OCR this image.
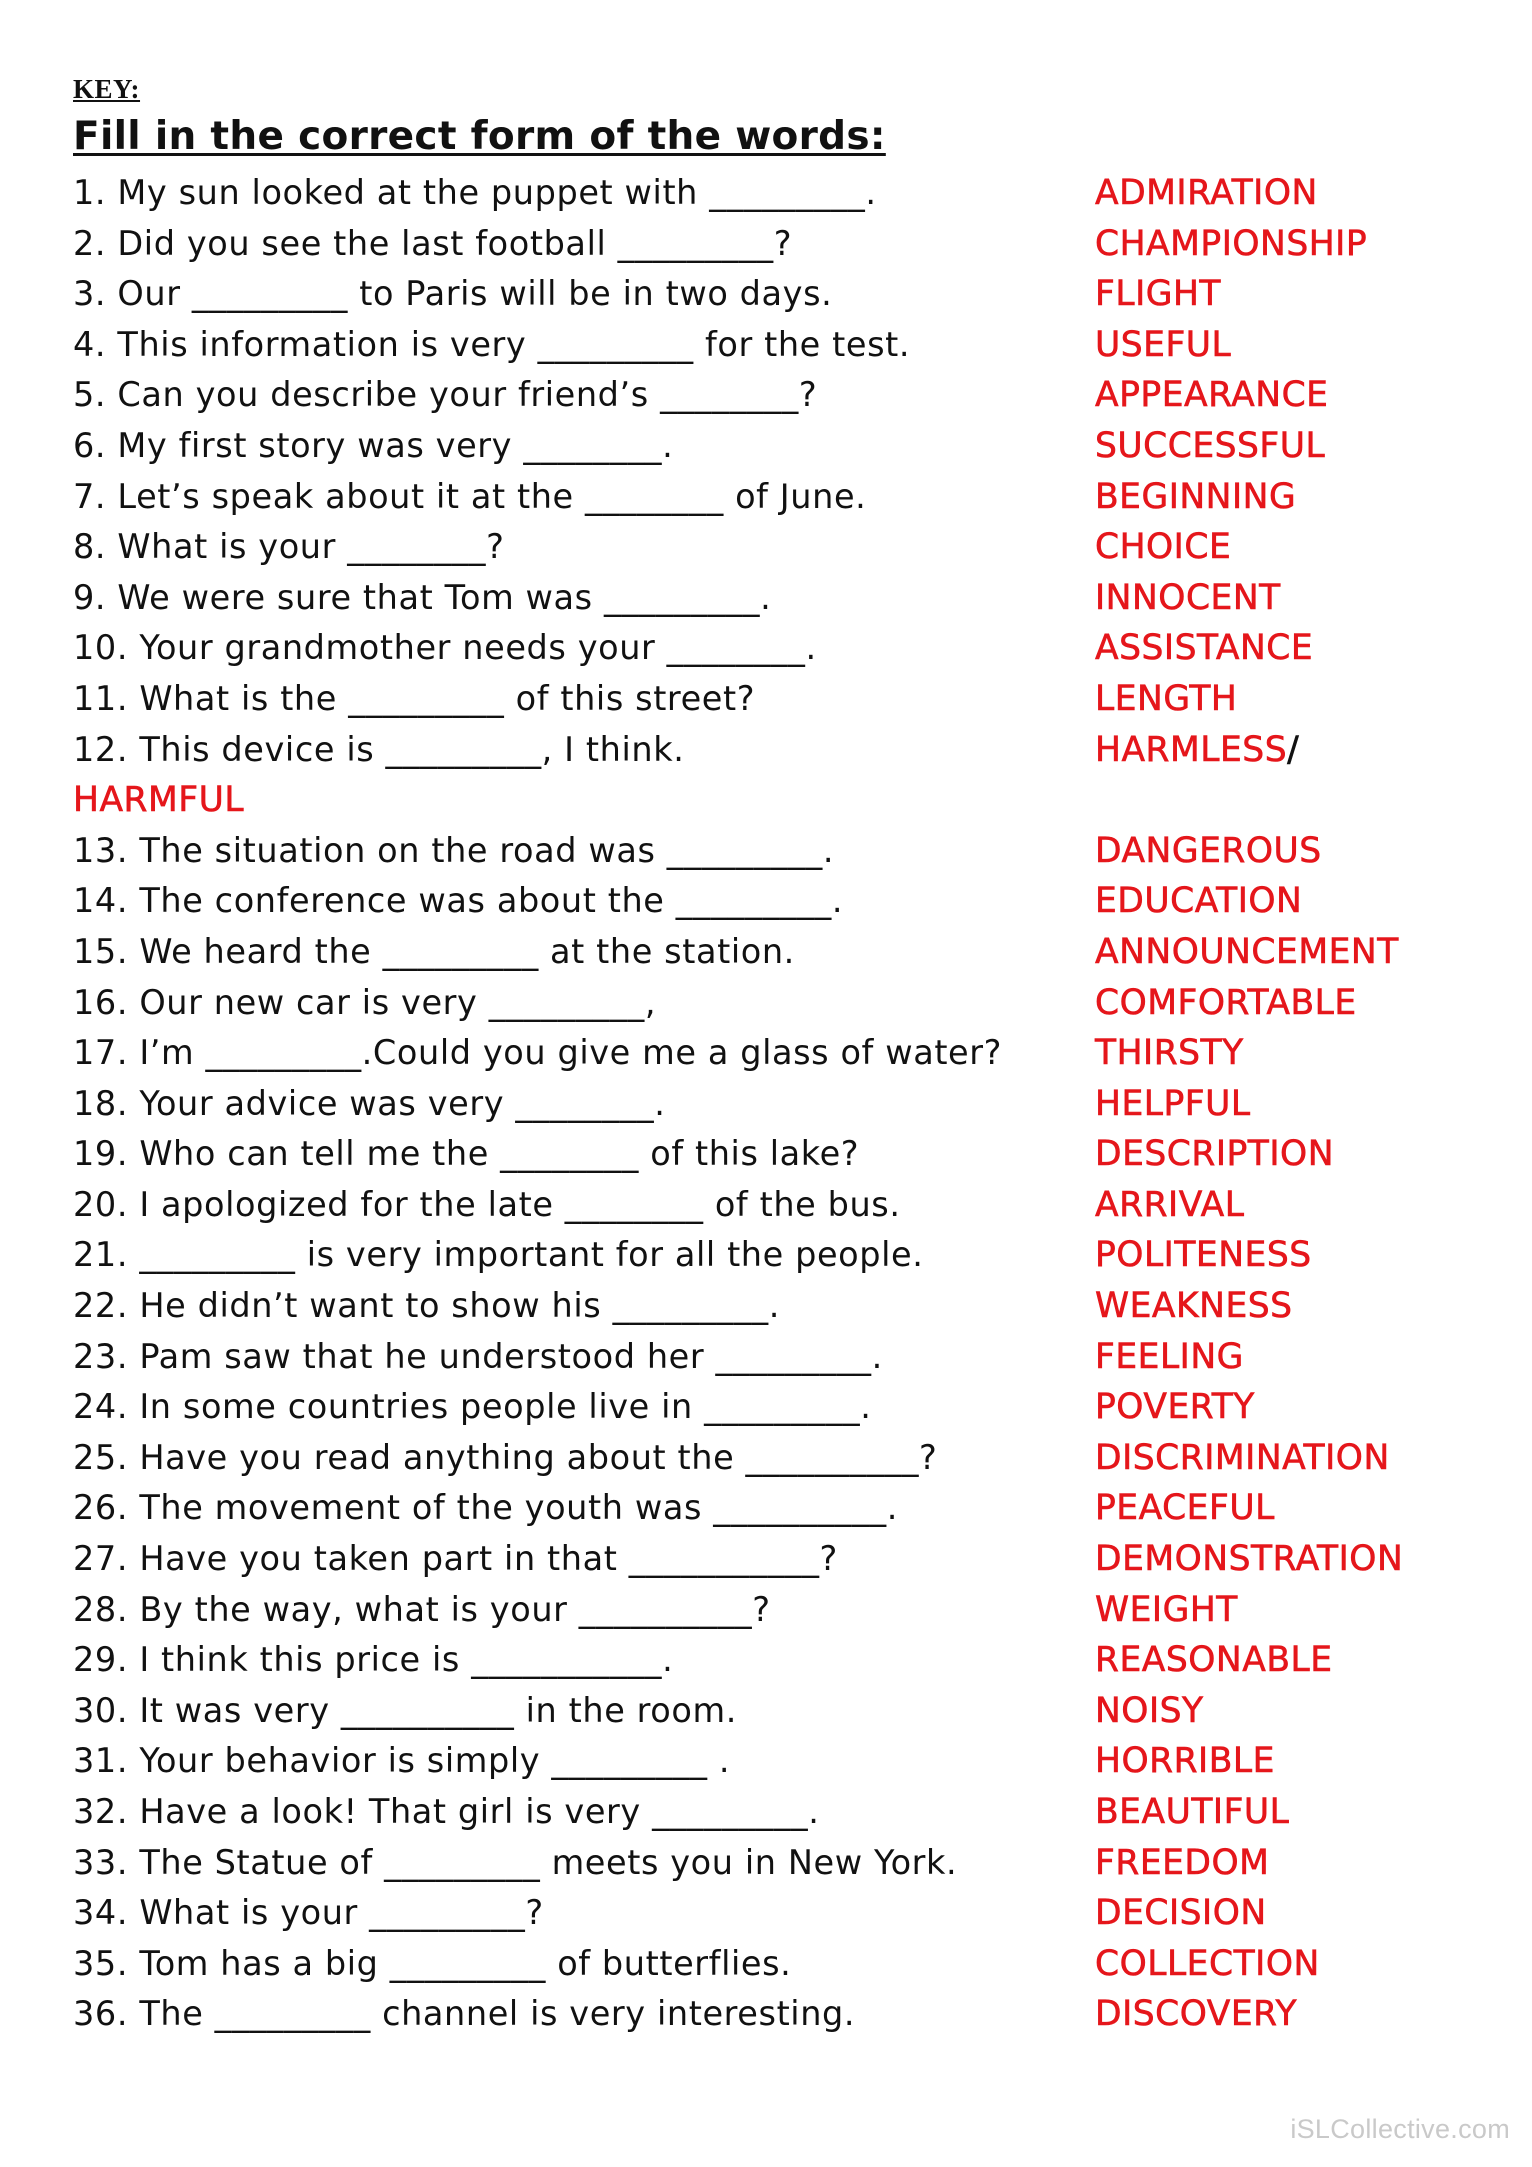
KEY:
Fill in the correct form of the words:
1. My sun looked at the puppet with _________.	ADMIRATION
2. Did you see the last football _________?	CHAMPIONSHIP
3. Our _________ to Paris will be in two days.	FLIGHT
4. This information is very _________ for the test.	USEFUL
5. Can you describe your friend’s ________?	APPEARANCE
6. My first story was very ________.	SUCCESSFUL
7. Let’s speak about it at the ________ of June.	BEGINNING
8. What is your ________?	CHOICE
9. We were sure that Tom was _________.	INNOCENT
10. Your grandmother needs your ________.	ASSISTANCE
11. What is the _________ of this street?	LENGTH
12. This device is _________, I think.	HARMLESS/
HARMFUL
13. The situation on the road was _________.	DANGEROUS
14. The conference was about the _________.	EDUCATION
15. We heard the _________ at the station.	ANNOUNCEMENT
16. Our new car is very _________,	COMFORTABLE
17. I’m _________.Could you give me a glass of water?	THIRSTY
18. Your advice was very ________.	HELPFUL
19. Who can tell me the ________ of this lake?	DESCRIPTION
20. I apologized for the late ________ of the bus.	ARRIVAL
21. _________ is very important for all the people.	POLITENESS
22. He didn’t want to show his _________.	WEAKNESS
23. Pam saw that he understood her _________.	FEELING
24. In some countries people live in _________.	POVERTY
25. Have you read anything about the __________?	DISCRIMINATION
26. The movement of the youth was __________.	PEACEFUL
27. Have you taken part in that ___________?	DEMONSTRATION
28. By the way, what is your __________?	WEIGHT
29. I think this price is ___________.	REASONABLE
30. It was very __________ in the room.	NOISY
31. Your behavior is simply _________ .	HORRIBLE
32. Have a look! That girl is very _________.	BEAUTIFUL
33. The Statue of _________ meets you in New York.	FREEDOM
34. What is your _________?	DECISION
35. Tom has a big _________ of butterflies.	COLLECTION
36. The _________ channel is very interesting.	DISCOVERY
iSLCollective.com
